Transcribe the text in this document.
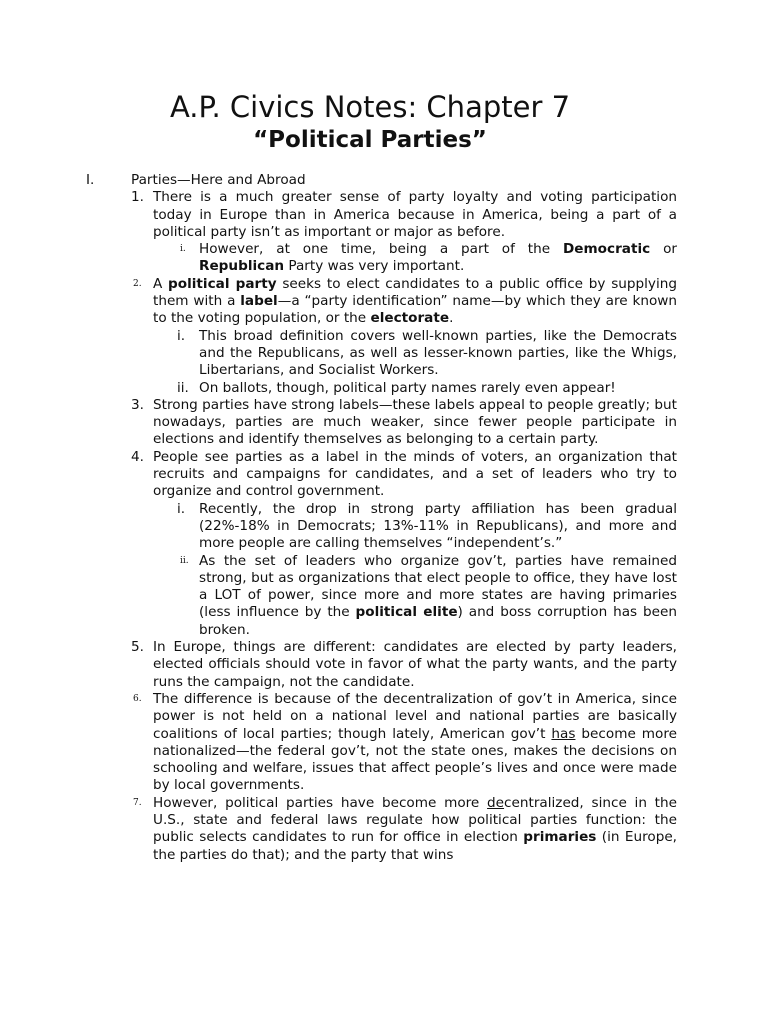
A.P. Civics Notes: Chapter 7
“Political Parties”
I.	Parties—Here and Abroad
1. There is a much greater sense of party loyalty and voting participation today in Europe than in America because in America, being a part of a political party isn’t as important or major as before.
i. However, at one time, being a part of the Democratic or Republican Party was very important.
2. A political party seeks to elect candidates to a public office by supplying them with a label—a “party identification” name—by which they are known to the voting population, or the electorate.
i. This broad definition covers well-known parties, like the Democrats and the Republicans, as well as lesser-known parties, like the Whigs, Libertarians, and Socialist Workers.
ii. On ballots, though, political party names rarely even appear!
3. Strong parties have strong labels—these labels appeal to people greatly; but nowadays, parties are much weaker, since fewer people participate in elections and identify themselves as belonging to a certain party.
4. People see parties as a label in the minds of voters, an organization that recruits and campaigns for candidates, and a set of leaders who try to organize and control government.
i. Recently, the drop in strong party affiliation has been gradual (22%-18% in Democrats; 13%-11% in Republicans), and more and more people are calling themselves “independent’s.”
ii. As the set of leaders who organize gov’t, parties have remained strong, but as organizations that elect people to office, they have lost a LOT of power, since more and more states are having primaries (less influence by the political elite) and boss corruption has been broken.
5. In Europe, things are different: candidates are elected by party leaders, elected officials should vote in favor of what the party wants, and the party runs the campaign, not the candidate.
6. The difference is because of the decentralization of gov’t in America, since power is not held on a national level and national parties are basically coalitions of local parties; though lately, American gov’t has become more nationalized—the federal gov’t, not the state ones, makes the decisions on schooling and welfare, issues that affect people’s lives and once were made by local governments.
7. However, political parties have become more decentralized, since in the U.S., state and federal laws regulate how political parties function: the public selects candidates to run for office in election primaries (in Europe, the parties do that); and the party that wins
